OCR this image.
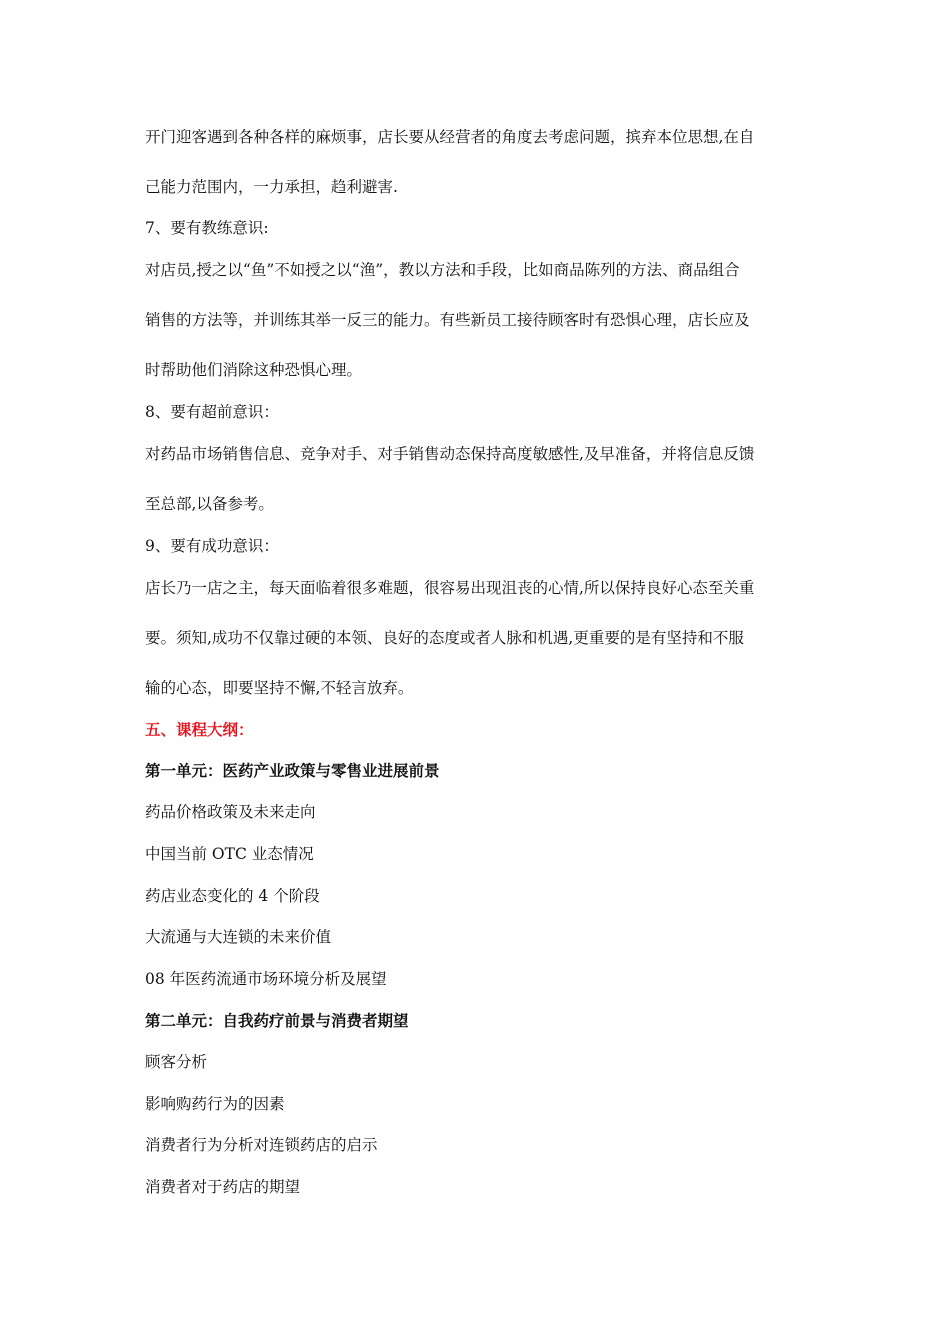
开门迎客遇到各种各样的麻烦事，店长要从经营者的角度去考虑问题，摈弃本位思想,在自
己能力范围内，一力承担，趋利避害.
7、要有教练意识:
对店员,授之以“鱼”不如授之以“渔”，教以方法和手段，比如商品陈列的方法、商品组合
销售的方法等，并训练其举一反三的能力。有些新员工接待顾客时有恐惧心理，店长应及
时帮助他们消除这种恐惧心理。
8、要有超前意识：
对药品市场销售信息、竞争对手、对手销售动态保持高度敏感性,及早准备，并将信息反馈
至总部,以备参考。
9、要有成功意识：
店长乃一店之主，每天面临着很多难题，很容易出现沮丧的心情,所以保持良好心态至关重
要。须知,成功不仅靠过硬的本领、良好的态度或者人脉和机遇,更重要的是有坚持和不服
输的心态，即要坚持不懈,不轻言放弃。
五、课程大纲：
第一单元：医药产业政策与零售业进展前景
药品价格政策及未来走向
中国当前 OTC 业态情况
药店业态变化的 4 个阶段
大流通与大连锁的未来价值
08 年医药流通市场环境分析及展望
第二单元：自我药疗前景与消费者期望
顾客分析
影响购药行为的因素
消费者行为分析对连锁药店的启示
消费者对于药店的期望
